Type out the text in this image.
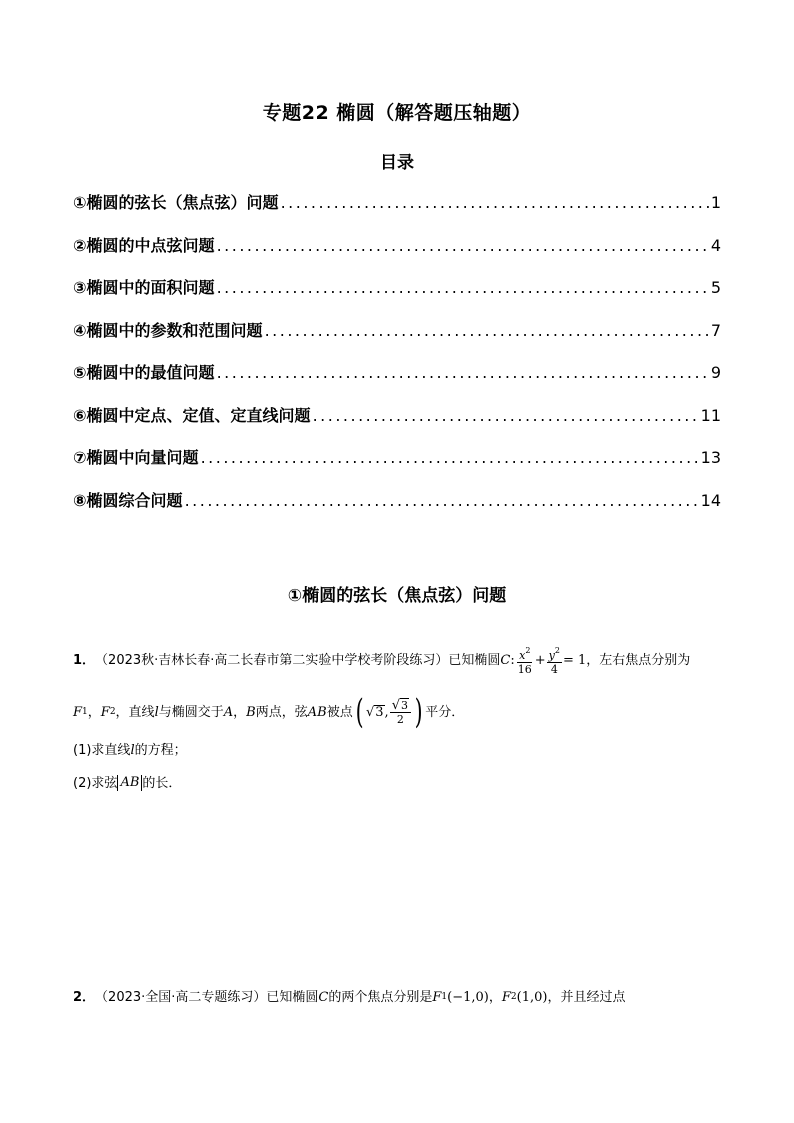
专题22 椭圆（解答题压轴题）
目录
①椭圆的弦长（焦点弦）问题 .....	1
②椭圆的中点弦问题 .....	4
③椭圆中的面积问题 .....	5
④椭圆中的参数和范围问题 .....	7
⑤椭圆中的最值问题 .....	9
⑥椭圆中定点、定值、定直线问题 .....	11
⑦椭圆中向量问题 .....	13
⑧椭圆综合问题 .....	14
①椭圆的弦长（焦点弦）问题
1． （2023秋·吉林长春·高二长春市第二实验中学校考阶段练习）已知椭圆 C : $\frac{x^2}{16} + \frac{y^2}{4} = 1$ ，左右焦点分别为
F 1 ， F 2 ，直线 l 与椭圆交于 A ， B 两点，弦 AB 被点 ( √ 3 , $\frac{√3}{2}$ ) 平分．
(1) 求直线 l 的方程；
(2) 求弦 AB 的长．
2． （2023·全国·高二专题练习）已知椭圆 C 的两个焦点分别是 F 1 (−1,0) ， F 2 (1,0) ，并且经过点
